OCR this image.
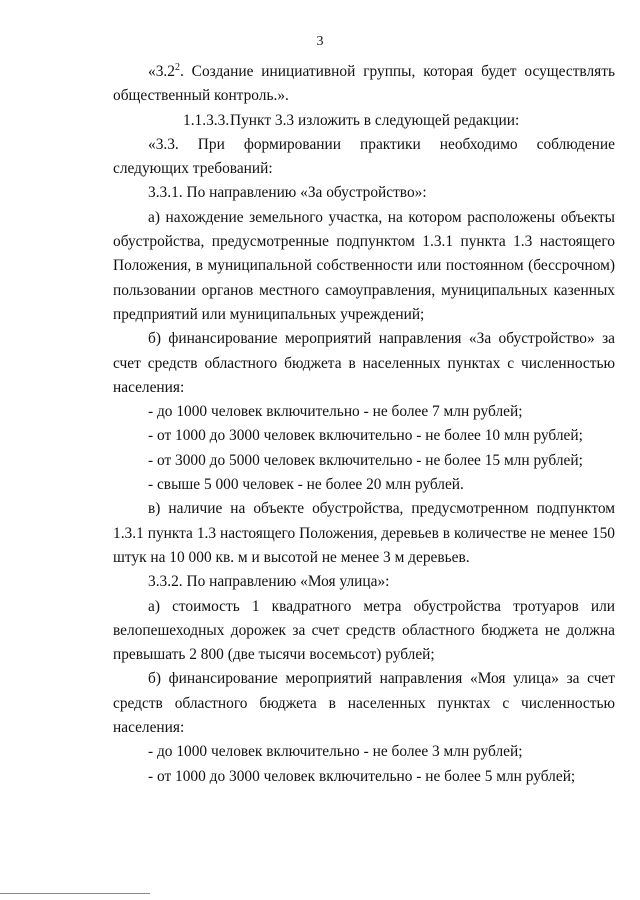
3

«$3.2^2$. Создание инициативной группы, которая будет осуществлять общественный контроль.».

1.1.3.3.Пункт 3.3 изложить в следующей редакции:

«3.3. При формировании практики необходимо соблюдение следующих требований:

3.3.1. По направлению «За обустройство»:

а) нахождение земельного участка, на котором расположены объекты обустройства, предусмотренные подпунктом 1.3.1 пункта 1.3 настоящего Положения, в муниципальной собственности или постоянном (бессрочном) пользовании органов местного самоуправления, муниципальных казенных предприятий или муниципальных учреждений;

б) финансирование мероприятий направления «За обустройство» за счет средств областного бюджета в населенных пунктах с численностью населения:

- до 1000 человек включительно - не более 7 млн рублей;

- от 1000 до 3000 человек включительно - не более 10 млн рублей;

- от 3000 до 5000 человек включительно - не более 15 млн рублей;

- свыше 5 000 человек - не более 20 млн рублей.

в) наличие на объекте обустройства, предусмотренном подпунктом 1.3.1 пункта 1.3 настоящего Положения, деревьев в количестве не менее 150 штук на 10 000 кв. м и высотой не менее 3 м деревьев.

3.3.2. По направлению «Моя улица»:

а) стоимость 1 квадратного метра обустройства тротуаров или велопешеходных дорожек за счет средств областного бюджета не должна превышать 2 800 (две тысячи восемьсот) рублей;

б) финансирование мероприятий направления «Моя улица» за счет средств областного бюджета в населенных пунктах с численностью населения:

- до 1000 человек включительно - не более 3 млн рублей;

- от 1000 до 3000 человек включительно - не более 5 млн рублей;
